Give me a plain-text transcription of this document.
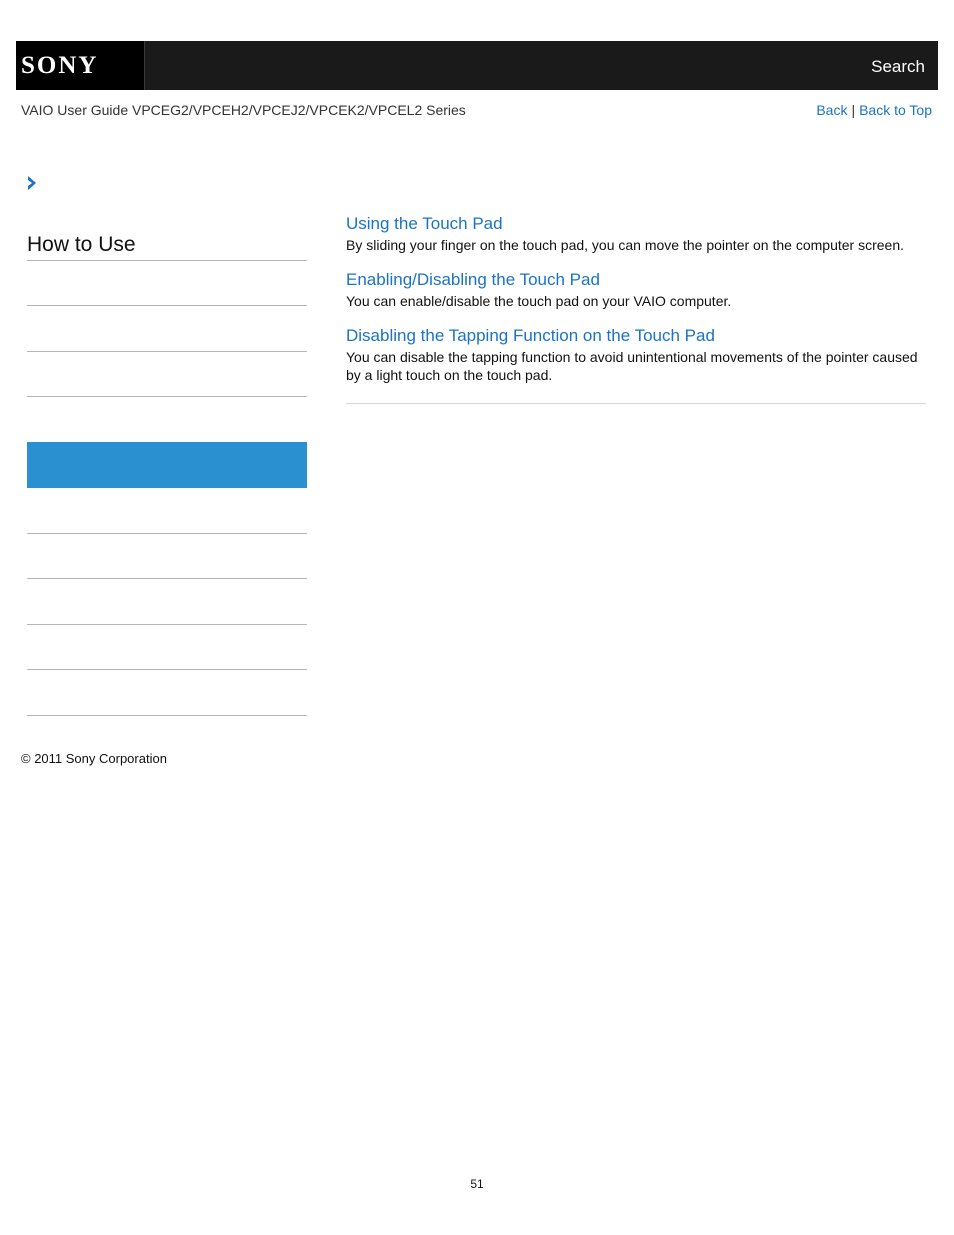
SONY	Search
VAIO User Guide VPCEG2/VPCEH2/VPCEJ2/VPCEK2/VPCEL2 Series	Back | Back to Top
How to Use
Using the Touch Pad

By sliding your finger on the touch pad, you can move the pointer on the computer screen.

Enabling/Disabling the Touch Pad

You can enable/disable the touch pad on your VAIO computer.

Disabling the Tapping Function on the Touch Pad

You can disable the tapping function to avoid unintentional movements of the pointer caused by a light touch on the touch pad.

© 2011 Sony Corporation
51
